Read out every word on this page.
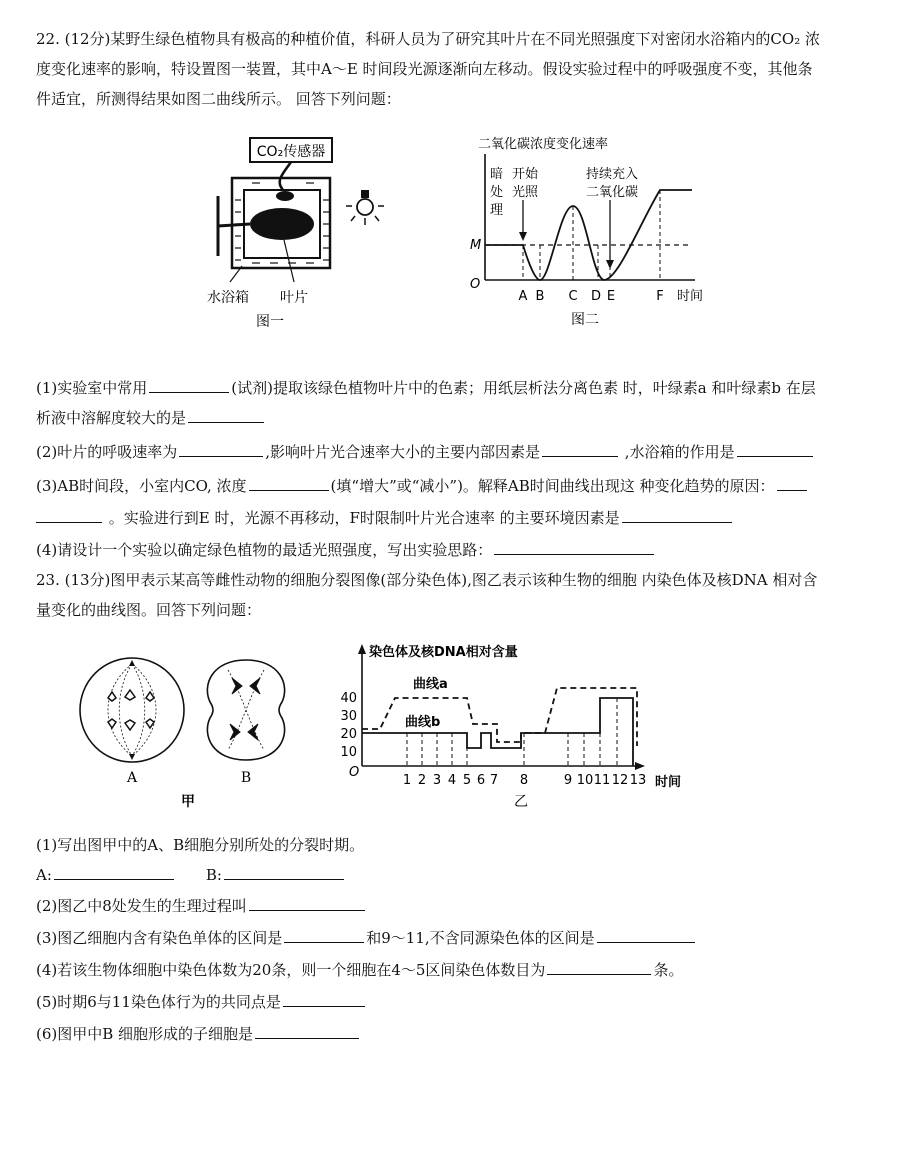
22. (12分)某野生绿色植物具有极高的种植价值，科研人员为了研究其叶片在不同光照强度下对密闭水浴箱内的CO₂ 浓

度变化速率的影响，特设置图一装置，其中A～E 时间段光源逐渐向左移动。假设实验过程中的呼吸强度不变，其他条

件适宜，所测得结果如图二曲线所示。 回答下列问题：

CO₂传感器
水浴箱 叶片
图一
二氧化碳浓度变化速率
M
O
暗
处
理
开始
光照
持续充入
二氧化碳
A B C D E	F 时间
图二

(1)实验室中常用	(试剂)提取该绿色植物叶片中的色素；用纸层析法分离色素 时，叶绿素a 和叶绿素b 在层

析液中溶解度较大的是

(2)叶片的呼吸速率为	,影响叶片光合速率大小的主要内部因素是	,水浴箱的作用是

(3)AB时间段，小室内CO, 浓度	(填“增大”或“减小”)。解释AB时间曲线出现这 种变化趋势的原因：

。实验进行到E 时，光源不再移动，F时限制叶片光合速率 的主要环境因素是

(4)请设计一个实验以确定绿色植物的最适光照强度，写出实验思路：

23. (13分)图甲表示某高等雌性动物的细胞分裂图像(部分染色体),图乙表示该种生物的细胞 内染色体及核DNA 相对含

量变化的曲线图。回答下列问题：

A	B
甲
染色体及核DNA相对含量
40
30
20
10
O
曲线a
曲线b
1 2 3 4 5 6 7 8	9 10 11 12 13 时间
乙

(1)写出图甲中的A、B细胞分别所处的分裂时期。

A:	B:

(2)图乙中8处发生的生理过程叫

(3)图乙细胞内含有染色单体的区间是	和9～11,不含同源染色体的区间是

(4)若该生物体细胞中染色体数为20条，则一个细胞在4～5区间染色体数目为	条。

(5)时期6与11染色体行为的共同点是

(6)图甲中B 细胞形成的子细胞是
